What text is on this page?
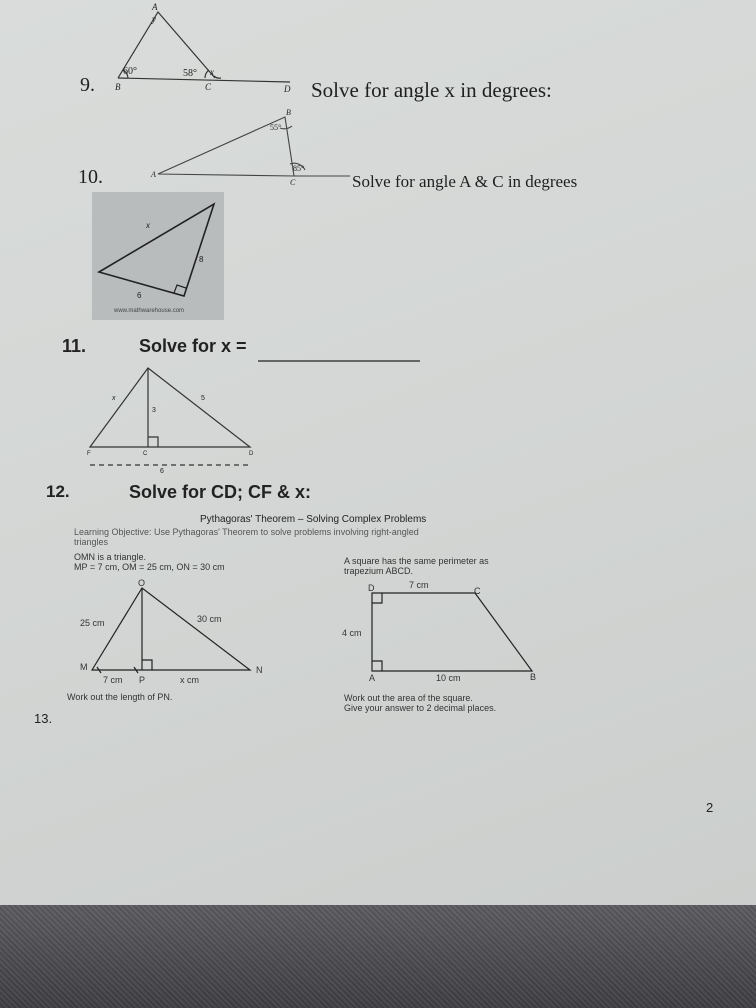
9.
A
y
60°	58° x
B	C	D Solve for angle x in degrees:
10.
B
55°
85°
A
C	Solve for angle A & C in degrees
x
8
6
www.mathwarehouse.com
11.	Solve for x =
x	5
3
F	C	D
6
12.	Solve for CD; CF & x:
Pythagoras' Theorem – Solving Complex Problems
Learning Objective: Use Pythagoras' Theorem to solve problems involving right-angled
triangles
OMN is a triangle.
MP = 7 cm, OM = 25 cm, ON = 30 cm
A square has the same perimeter as
trapezium ABCD.
O
25 cm	30 cm
M	N
7 cm P	x cm
Work out the length of PN.
D	7 cm
C
4 cm
A	10 cm	B
Work out the area of the square.
Give your answer to 2 decimal places.
13.
2
